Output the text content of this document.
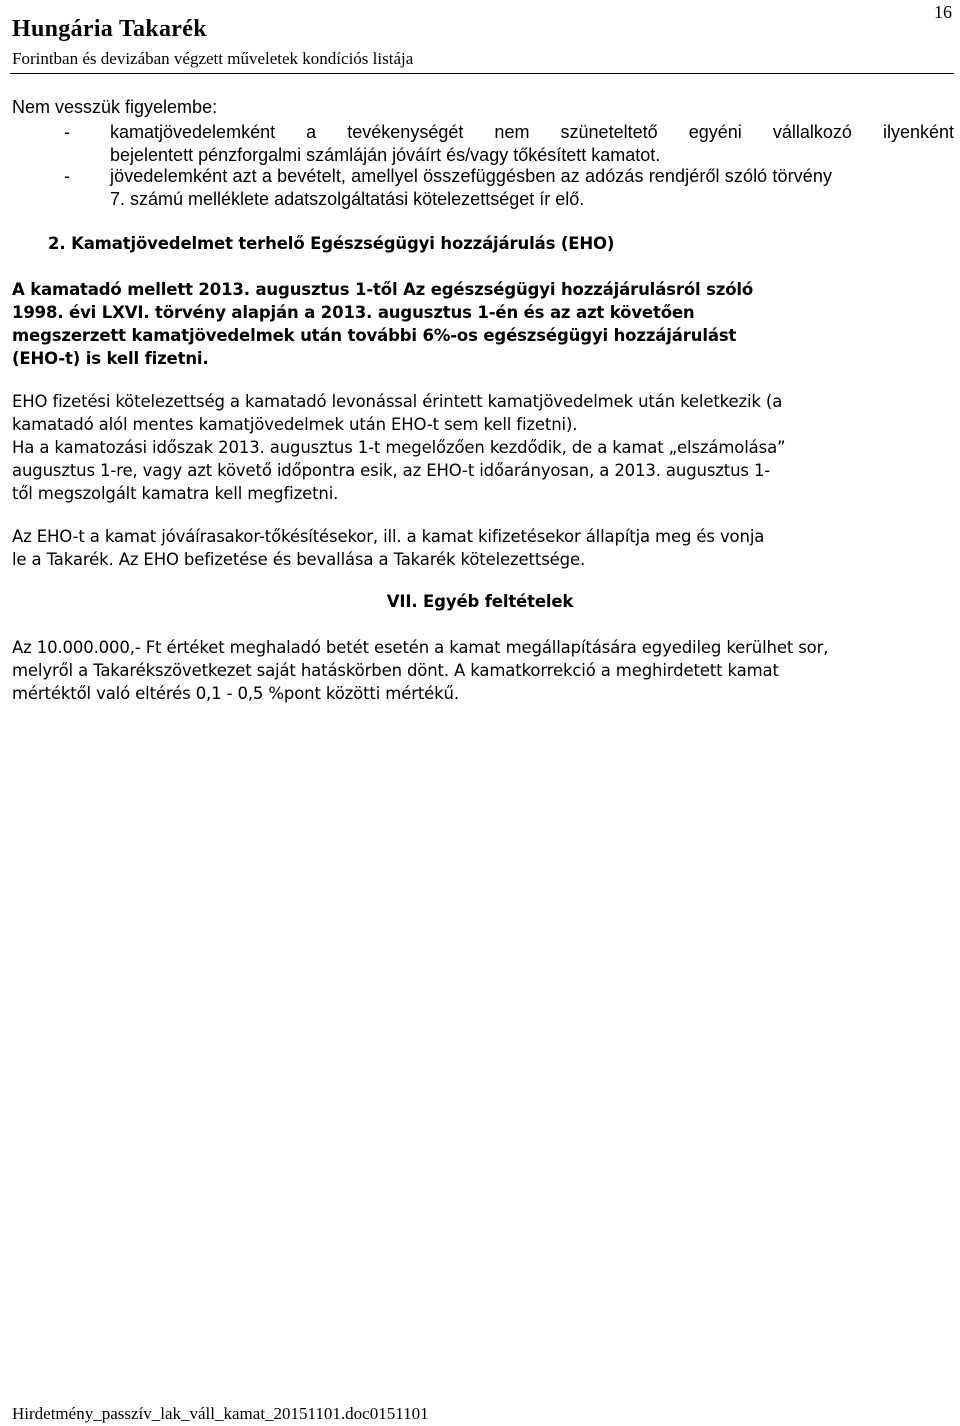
16
Hungária Takarék
Forintban és devizában végzett műveletek kondíciós listája
Nem vesszük figyelembe:
- kamatjövedelemként a tevékenységét nem szüneteltető egyéni vállalkozó ilyenként
bejelentett pénzforgalmi számláján jóváírt és/vagy tőkésített kamatot.
- jövedelemként azt a bevételt, amellyel összefüggésben az adózás rendjéről szóló törvény
7. számú melléklete adatszolgáltatási kötelezettséget ír elő.
2. Kamatjövedelmet terhelő Egészségügyi hozzájárulás (EHO)
A kamatadó mellett 2013. augusztus 1-től Az egészségügyi hozzájárulásról szóló
1998. évi LXVI. törvény alapján a 2013. augusztus 1-én és az azt követően
megszerzett kamatjövedelmek után további 6%-os egészségügyi hozzájárulást
(EHO-t) is kell fizetni.
EHO fizetési kötelezettség a kamatadó levonással érintett kamatjövedelmek után keletkezik (a
kamatadó alól mentes kamatjövedelmek után EHO-t sem kell fizetni).
Ha a kamatozási időszak 2013. augusztus 1-t megelőzően kezdődik, de a kamat „elszámolása”
augusztus 1-re, vagy azt követő időpontra esik, az EHO-t időarányosan, a 2013. augusztus 1-
től megszolgált kamatra kell megfizetni.
Az EHO-t a kamat jóváírasakor-tőkésítésekor, ill. a kamat kifizetésekor állapítja meg és vonja
le a Takarék. Az EHO befizetése és bevallása a Takarék kötelezettsége.
VII. Egyéb feltételek
Az 10.000.000,- Ft értéket meghaladó betét esetén a kamat megállapítására egyedileg kerülhet sor,
melyről a Takarékszövetkezet saját hatáskörben dönt. A kamatkorrekció a meghirdetett kamat
mértéktől való eltérés 0,1 - 0,5 %pont közötti mértékű.
Hirdetmény_passzív_lak_váll_kamat_20151101.doc0151101
